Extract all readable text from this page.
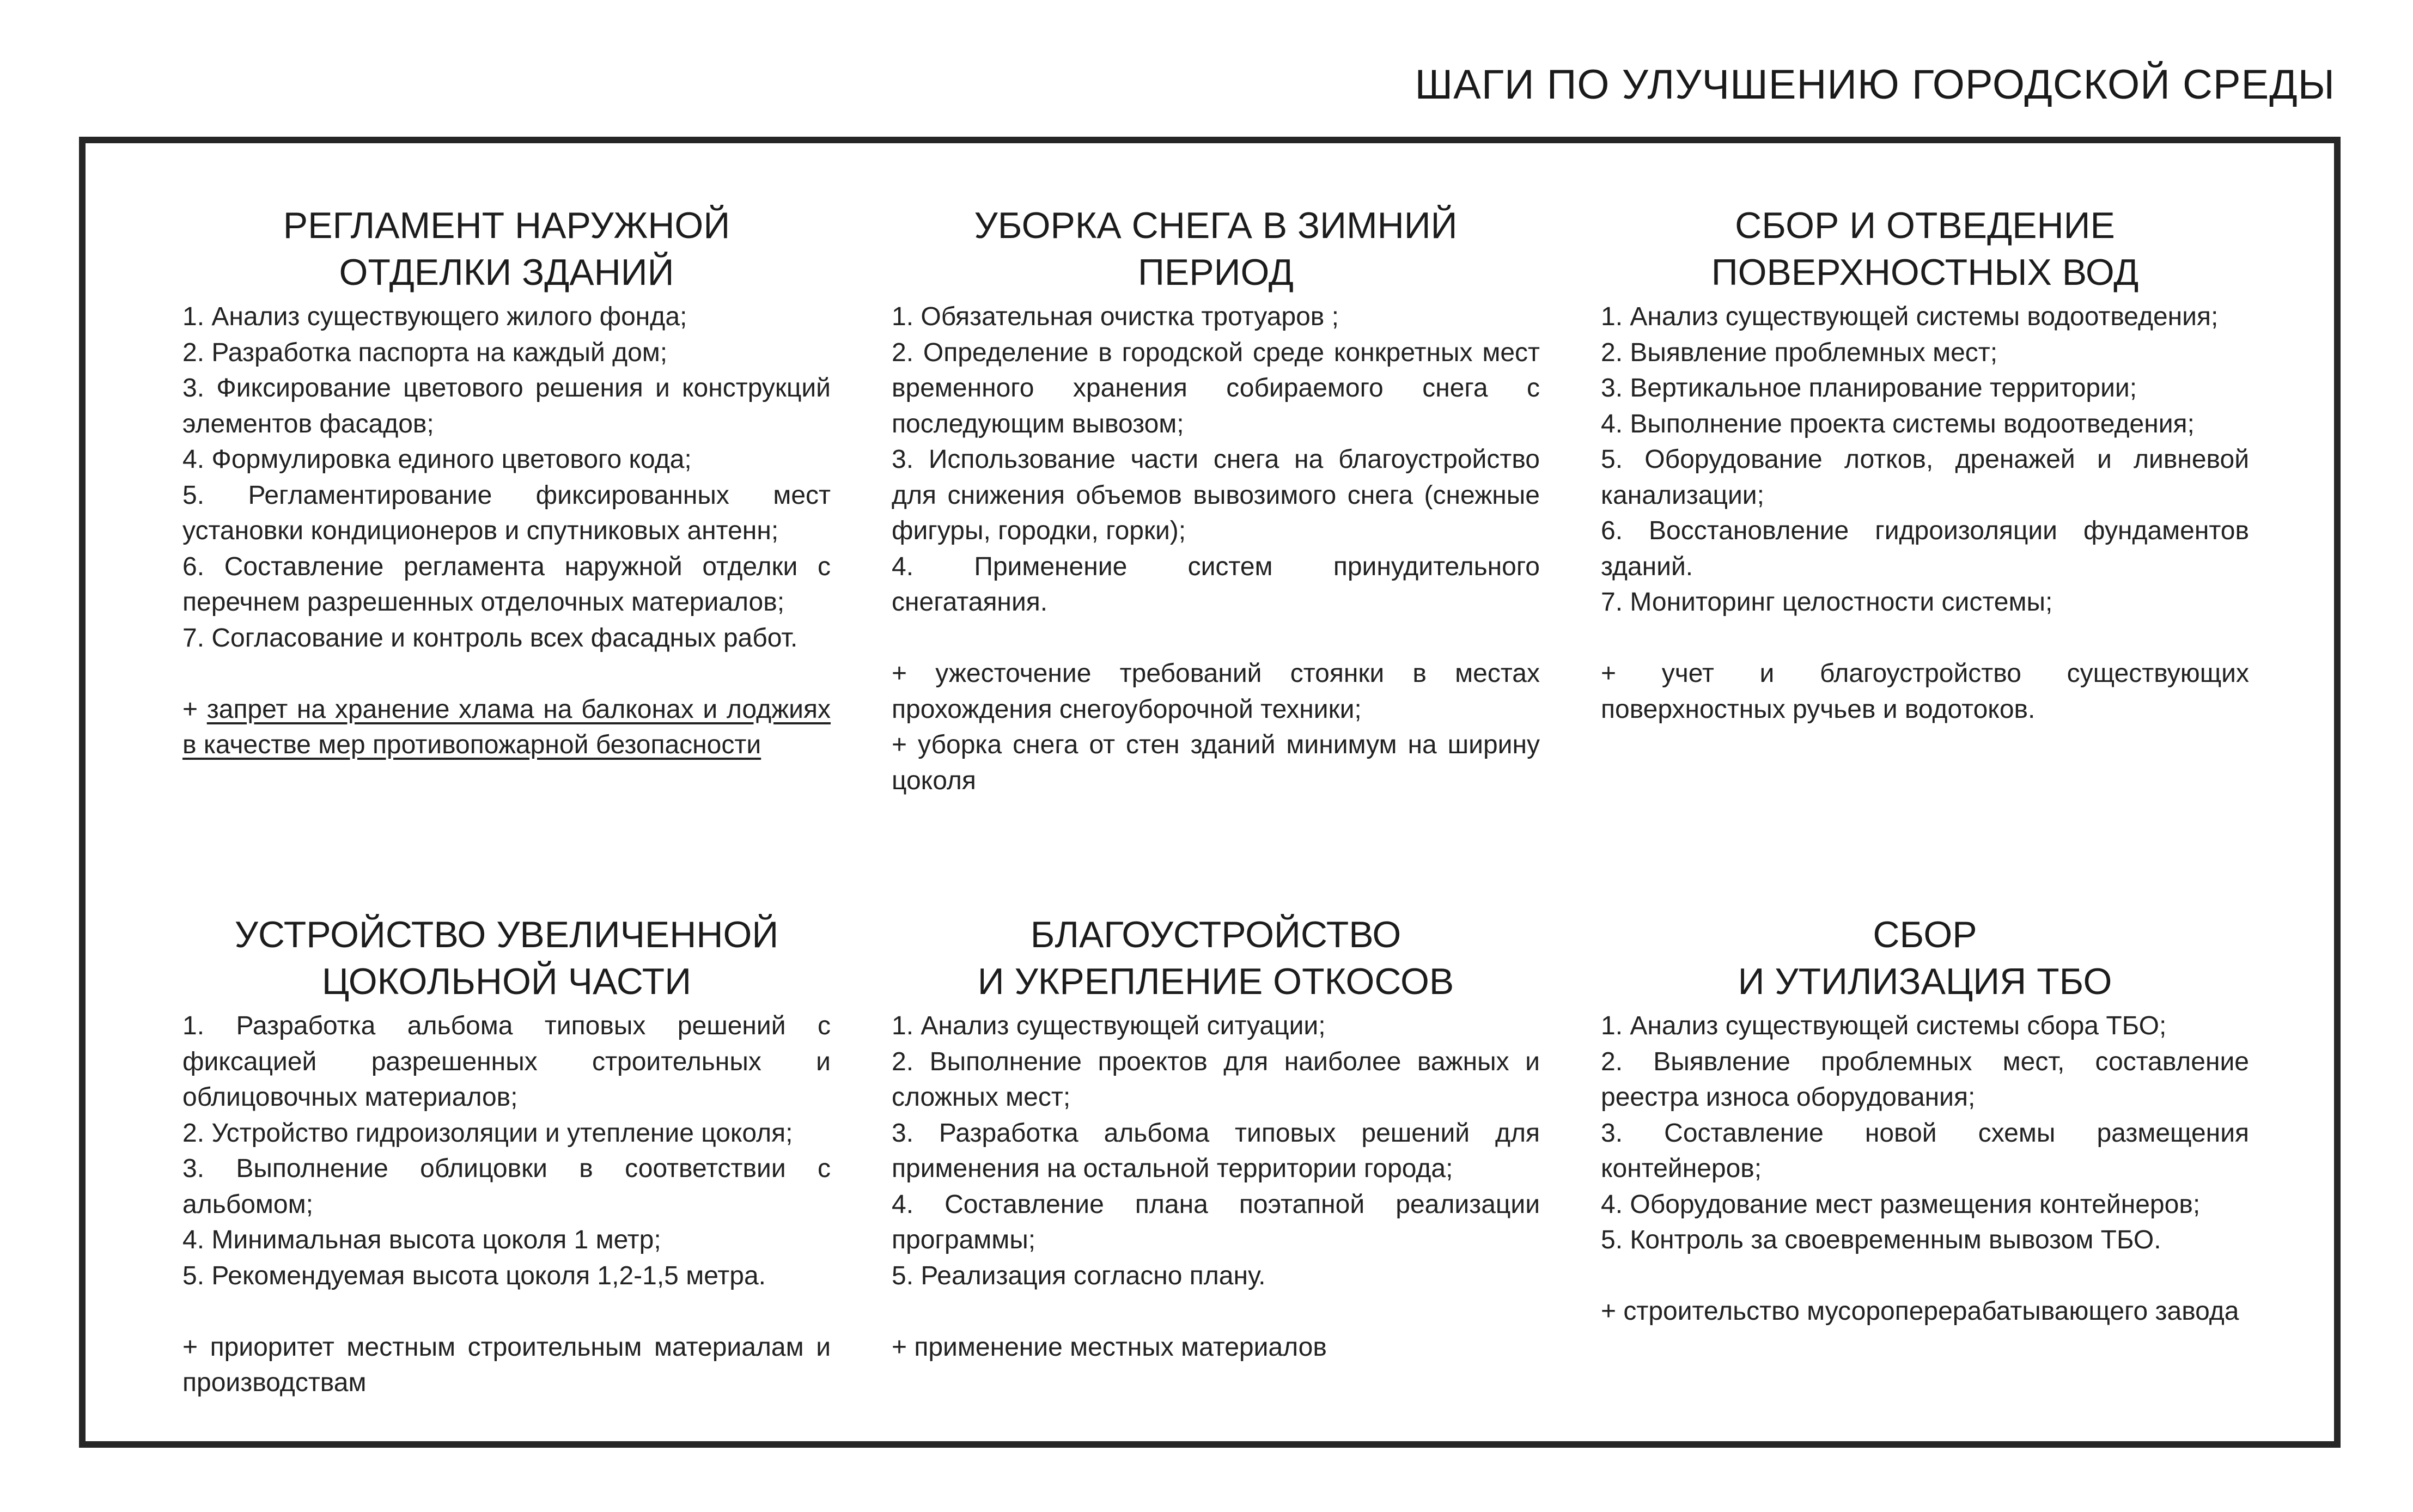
ШАГИ ПО УЛУЧШЕНИЮ ГОРОДСКОЙ СРЕДЫ
РЕГЛАМЕНТ НАРУЖНОЙ
ОТДЕЛКИ ЗДАНИЙ
1. Анализ существующего жилого фонда;
2. Разработка паспорта на каждый дом;
3. Фиксирование цветового решения и конструкций элементов фасадов;
4. Формулировка единого цветового кода;
5. Регламентирование фиксированных мест установки кондиционеров и спутниковых антенн;
6. Составление регламента наружной отделки с перечнем разрешенных отделочных материалов;
7. Согласование и контроль всех фасадных работ.
+ запрет на хранение хлама на балконах и лоджиях в качестве мер противопожарной безопасности
УБОРКА СНЕГА В ЗИМНИЙ
ПЕРИОД
1. Обязательная очистка тротуаров ;
2. Определение в городской среде конкретных мест временного хранения собираемого снега с последующим вывозом;
3. Использование части снега на благоустройство для снижения объемов вывозимого снега (снежные фигуры, городки, горки);
4. Применение систем принудительного снегатаяния.
+ ужесточение требований стоянки в местах прохождения снегоуборочной техники;
+ уборка снега от стен зданий минимум на ширину цоколя
СБОР И ОТВЕДЕНИЕ
ПОВЕРХНОСТНЫХ ВОД
1. Анализ существующей системы водоотведения;
2. Выявление проблемных мест;
3. Вертикальное планирование территории;
4. Выполнение проекта системы водоотведения;
5. Оборудование лотков, дренажей и ливневой канализации;
6. Восстановление гидроизоляции фундаментов зданий.
7. Мониторинг целостности системы;
+ учет и благоустройство существующих поверхностных ручьев и водотоков.
УСТРОЙСТВО УВЕЛИЧЕННОЙ
ЦОКОЛЬНОЙ ЧАСТИ
1. Разработка альбома типовых решений с фиксацией разрешенных строительных и облицовочных материалов;
2. Устройство гидроизоляции и утепление цоколя;
3. Выполнение облицовки в соответствии с альбомом;
4. Минимальная высота цоколя 1 метр;
5. Рекомендуемая высота цоколя 1,2-1,5 метра.
+ приоритет местным строительным материалам и производствам
БЛАГОУСТРОЙСТВО
И УКРЕПЛЕНИЕ ОТКОСОВ
1. Анализ существующей ситуации;
2. Выполнение проектов для наиболее важных и сложных мест;
3. Разработка альбома типовых решений для применения на остальной территории города;
4. Составление плана поэтапной реализации программы;
5. Реализация согласно плану.
+ применение местных материалов
СБОР
И УТИЛИЗАЦИЯ ТБО
1. Анализ существующей системы сбора ТБО;
2. Выявление проблемных мест, составление реестра износа оборудования;
3. Составление новой схемы размещения контейнеров;
4. Оборудование мест размещения контейнеров;
5. Контроль за своевременным вывозом ТБО.
+ строительство мусороперерабатывающего завода
